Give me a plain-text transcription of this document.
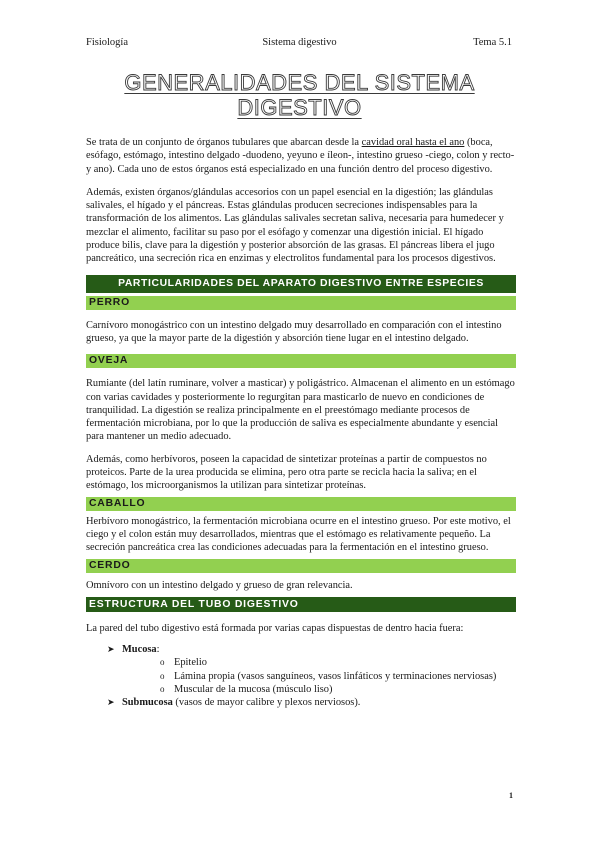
Fisiología	Sistema digestivo	Tema 5.1
GENERALIDADES DEL SISTEMA
DIGESTIVO

Se trata de un conjunto de órganos tubulares que abarcan desde la cavidad oral hasta el ano (boca, esófago, estómago, intestino delgado -duodeno, yeyuno e íleon-, intestino grueso -ciego, colon y recto- y ano). Cada uno de estos órganos está especializado en una función dentro del proceso digestivo.

Además, existen órganos/glándulas accesorios con un papel esencial en la digestión; las glándulas salivales, el hígado y el páncreas. Estas glándulas producen secreciones indispensables para la transformación de los alimentos. Las glándulas salivales secretan saliva, necesaria para humedecer y mezclar el alimento, facilitar su paso por el esófago y comenzar una digestión inicial. El hígado produce bilis, clave para la digestión y posterior absorción de las grasas. El páncreas libera el jugo pancreático, una secreción rica en enzimas y electrolitos fundamental para los procesos digestivos.

PARTICULARIDADES DEL APARATO DIGESTIVO ENTRE ESPECIES
PERRO

Carnívoro monogástrico con un intestino delgado muy desarrollado en comparación con el intestino grueso, ya que la mayor parte de la digestión y absorción tiene lugar en el intestino delgado.

OVEJA

Rumiante (del latín ruminare, volver a masticar) y poligástrico. Almacenan el alimento en un estómago con varias cavidades y posteriormente lo regurgitan para masticarlo de nuevo en condiciones de tranquilidad. La digestión se realiza principalmente en el preestómago mediante procesos de fermentación microbiana, por lo que la producción de saliva es especialmente abundante y esencial para mantener un medio adecuado.

Además, como herbívoros, poseen la capacidad de sintetizar proteínas a partir de compuestos no proteicos. Parte de la urea producida se elimina, pero otra parte se recicla hacia la saliva; en el estómago, los microorganismos la utilizan para sintetizar proteínas.

CABALLO

Herbívoro monogástrico, la fermentación microbiana ocurre en el intestino grueso. Por este motivo, el ciego y el colon están muy desarrollados, mientras que el estómago es relativamente pequeño. La secreción pancreática crea las condiciones adecuadas para la fermentación en el intestino grueso.

CERDO

Omnívoro con un intestino delgado y grueso de gran relevancia.

ESTRUCTURA DEL TUBO DIGESTIVO

La pared del tubo digestivo está formada por varias capas dispuestas de dentro hacia fuera:

➤ Mucosa:
o Epitelio
o Lámina propia (vasos sanguíneos, vasos linfáticos y terminaciones nerviosas)
o Muscular de la mucosa (músculo liso)
➤ Submucosa (vasos de mayor calibre y plexos nerviosos).
1
